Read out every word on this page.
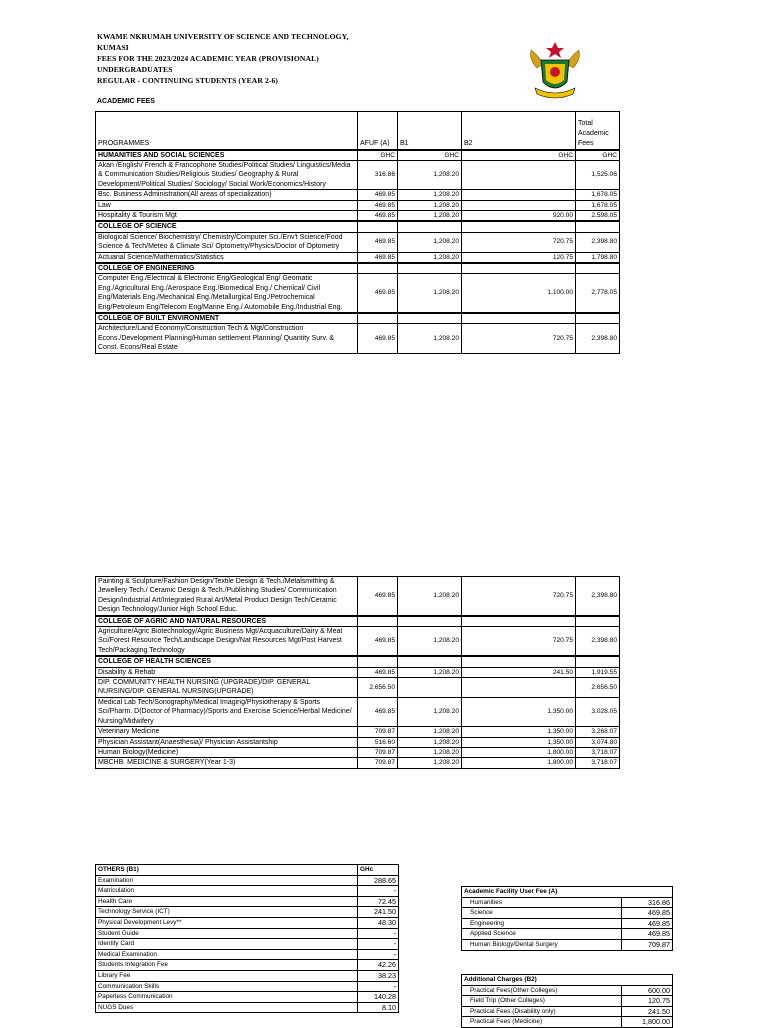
KWAME NKRUMAH UNIVERSITY OF SCIENCE AND TECHNOLOGY,
KUMASI
FEES FOR THE 2023/2024 ACADEMIC YEAR (PROVISIONAL)
UNDERGRADUATES
REGULAR - CONTINUING STUDENTS (YEAR 2-6)
ACADEMIC FEES
PROGRAMMES	AFUF (A)	B1	B2	Total Academic Fees
HUMANITIES AND SOCIAL SCIENCES	GHC	GHC	GHC	GHC
Akan /English/ French & Francophone Studies/Political Studies/ Linguistics/Media & Communication Studies/Religious Studies/ Geography & Rural Development/Political Studies/ Sociology/ Social Work/Economics/History	316.86	1,208.20		1,525.06
Bsc. Business Administration(All areas of specialization)	469.85	1,208.20		1,678.05
Law	469.85	1,208.20		1,678.05
Hospitality & Tourism Mgt	469.85	1,208.20	920.00	2,598.05
COLLEGE OF SCIENCE				
Biological Science/ Biochemistry/ Chemistry/Computer Sci./Env't Science/Food Science & Tech/Meteo & Climate Sci/ Optometry/Physics/Doctor of Optometry	469.85	1,208.20	720.75	2,398.80
Actuarial Science/Mathematics/Statistics	469.85	1,208.20	120.75	1,798.80
COLLEGE OF ENGINEERING				
Computer Eng./Electrical & Electronic Eng/Geological Eng/ Geomatic Eng./Agricultural Eng./Aerospace Eng./Biomedical Eng./ Chemical/ Civil Eng/Materials Eng./Mechanical Eng./Metallurgical Eng./Petrochemical Eng/Petroleum Eng/Telecom Eng/Marine Eng./ Automobile Eng./Industrial Eng.	469.85	1,208.20	1,100.00	2,778.05
COLLEGE OF BUILT ENVIRONMENT				
Architecture/Land Economy/Construction Tech & Mgt/Construction Econs./Development Planning/Human settlement Planning/ Quantity Surv. & Const. Econs/Real Estate	469.85	1,208.20	720.75	2,398.80
Painting & Sculpture/Fashion Design/Textile Design & Tech./Metalsmithing & Jewellery Tech./ Ceramic Design & Tech./Publishing Studies/ Communication Design/Industrial Art/Integrated Rural Art/Metal Product Design Tech/Ceramic Design Technology/Junior High School Educ.	469.85	1,208.20	720.75	2,398.80
COLLEGE OF AGRIC AND NATURAL RESOURCES				
Agriculture/Agric Biotechnology/Agric Business Mgt/Acquaculture/Dairy & Meat Sci/Forest Resource Tech/Landscape Design/Nat Resources Mgt/Post Harvest Tech/Packaging Technology	469.85	1,208.20	720.75	2,398.80
COLLEGE OF HEALTH SCIENCES				
Disability & Rehab	469.85	1,208.20	241.50	1,919.55
DIP. COMMUNITY HEALTH NURSING (UPGRADE)/DIP. GENERAL NURSING/DIP. GENERAL NURSING(UPGRADE)	2,656.50			2,656.50
Medical Lab Tech/Sonography/Medical Imaging/Physiotherapy & Sports Sci/Pharm. D(Doctor of Pharmacy)/Sports and Exercise Science/Herbal Medicine/ Nursing/Midwifery	469.85	1,208.20	1,350.00	3,028.05
Veterinary Medicine	709.87	1,208.20	1,350.00	3,268.07
Physician Assistant(Anaesthesia)/ Physician Assistantship	516.60	1,208.20	1,350.00	3,074.80
Human Biology(Medicine)	709.87	1,208.20	1,800.00	3,718.07
MBCHB. MEDICINE & SURGERY(Year 1-3)	709.87	1,208.20	1,800.00	3,718.07
OTHERS (B1)	GHc
Examination	288.65
Matriculation	-
Health Care	72.45
Technology Service (ICT)	241.50
Physical Development Levy**	48.30
Student Guide	-
Identity Card	-
Medical Examination	-
Students Integration Fee	42.26
Library Fee	38.23
Communication Skills	-
Paperless Communication	140.28
NUGS Dues	8.10
Academic Facility User Fee (A)	
Humanities	316.86
Science	469.85
Engineering	469.85
Applied Science	469.85
Human Biology/Dental Surgery	709.87
Additional Charges (B2)	
Practical Fees(Other Colleges)	600.00
Field Trip (Other Colleges)	120.75
Practical Fees (Disability only)	241.50
Practical Fees (Medicine)	1,800.00
